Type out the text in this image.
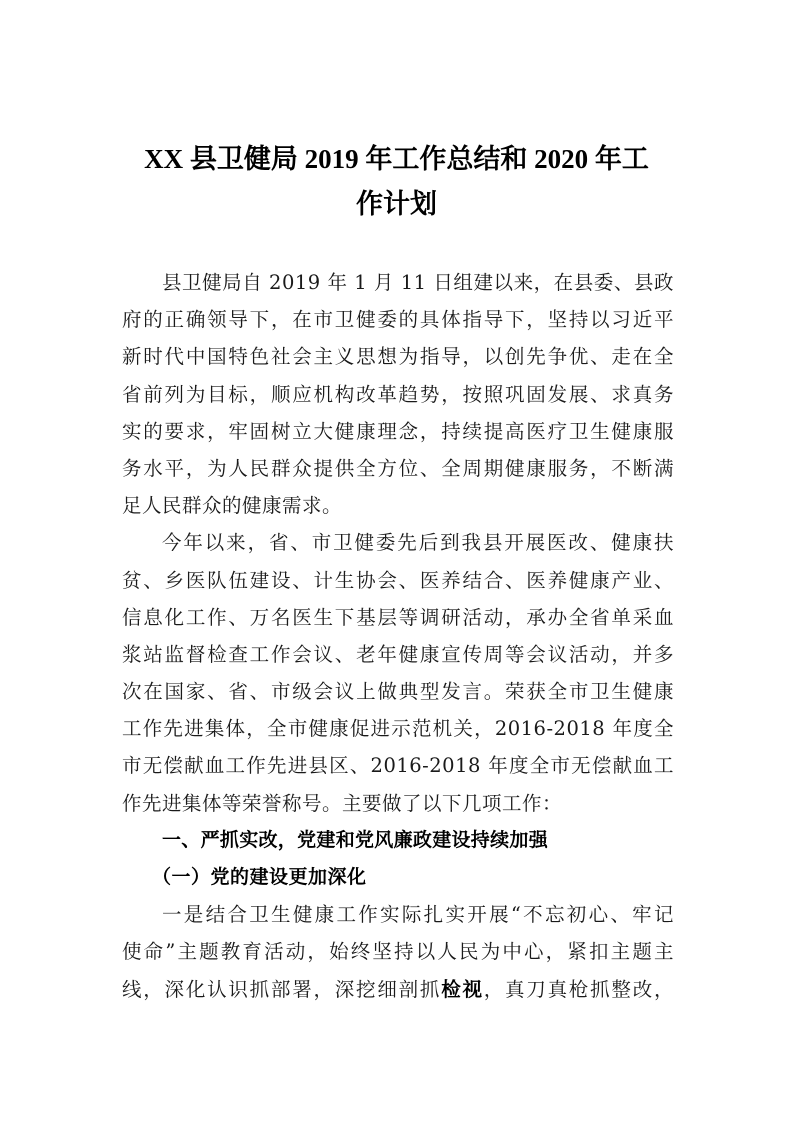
XX 县卫健局 2019 年工作总结和 2020 年工
作计划
县卫健局自 2019 年 1 月 11 日组建以来，在县委、县政
府的正确领导下，在市卫健委的具体指导下，坚持以习近平
新时代中国特色社会主义思想为指导，以创先争优、走在全
省前列为目标，顺应机构改革趋势，按照巩固发展、求真务
实的要求，牢固树立大健康理念，持续提高医疗卫生健康服
务水平，为人民群众提供全方位、全周期健康服务，不断满
足人民群众的健康需求。
今年以来，省、市卫健委先后到我县开展医改、健康扶
贫、乡医队伍建设、计生协会、医养结合、医养健康产业、
信息化工作、万名医生下基层等调研活动，承办全省单采血
浆站监督检查工作会议、老年健康宣传周等会议活动，并多
次在国家、省、市级会议上做典型发言。荣获全市卫生健康
工作先进集体，全市健康促进示范机关，2016-2018 年度全
市无偿献血工作先进县区、2016-2018 年度全市无偿献血工
作先进集体等荣誉称号。主要做了以下几项工作：
一、严抓实改，党建和党风廉政建设持续加强
（一）党的建设更加深化
一是结合卫生健康工作实际扎实开展“不忘初心、牢记
使命”主题教育活动，始终坚持以人民为中心，紧扣主题主
线，深化认识抓部署，深挖细剖抓检视，真刀真枪抓整改，
